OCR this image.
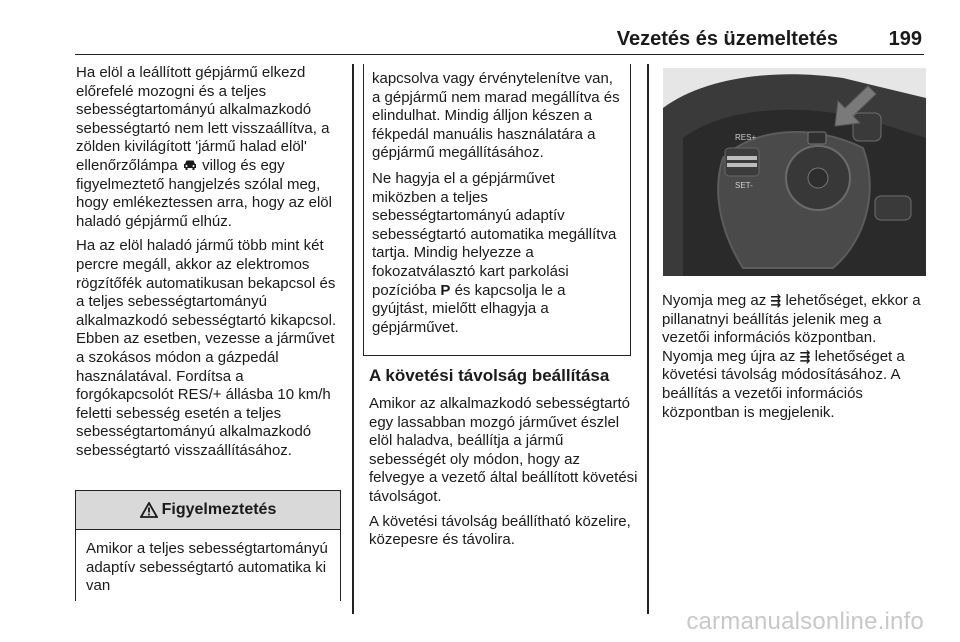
Vezetés és üzemeltetés	199

Ha elöl a leállított gépjármű elkezd előrefelé mozogni és a teljes sebességtartományú alkalmazkodó sebességtartó nem lett visszaállítva, a zölden kivilágított 'jármű halad elöl' ellenőrzőlámpa villog és egy figyelmeztető hangjelzés szólal meg, hogy emlékeztessen arra, hogy az elöl haladó gépjármű elhúz.

Ha az elöl haladó jármű több mint két percre megáll, akkor az elektromos rögzítőfék automatikusan bekapcsol és a teljes sebességtartományú alkalmazkodó sebességtartó kikapcsol. Ebben az esetben, vezesse a járművet a szokásos módon a gázpedál használatával. Fordítsa a forgókapcsolót RES/+ állásba 10 km/h feletti sebesség esetén a teljes sebességtartományú alkalmazkodó sebességtartó visszaállításához.

Figyelmeztetés
Amikor a teljes sebességtartományú adaptív sebességtartó automatika ki van

kapcsolva vagy érvénytelenítve van, a gépjármű nem marad megállítva és elindulhat. Mindig álljon készen a fékpedál manuális használatára a gépjármű megállításához.

Ne hagyja el a gépjárművet miközben a teljes sebességtartományú adaptív sebességtartó automatika megállítva tartja. Mindig helyezze a fokozatválasztó kart parkolási pozícióba P és kapcsolja le a gyújtást, mielőtt elhagyja a gépjárművet.

A követési távolság beállítása

Amikor az alkalmazkodó sebességtartó egy lassabban mozgó járművet észlel elöl haladva, beállítja a jármű sebességét oly módon, hogy az felvegye a vezető által beállított követési távolságot.

A követési távolság beállítható közelire, közepesre és távolira.

RES+
SET-
Nyomja meg az ⇶ lehetőséget, ekkor a pillanatnyi beállítás jelenik meg a vezetői információs központban. Nyomja meg újra az ⇶ lehetőséget a követési távolság módosításához. A beállítás a vezetői információs központban is megjelenik.
carmanualsonline.info
